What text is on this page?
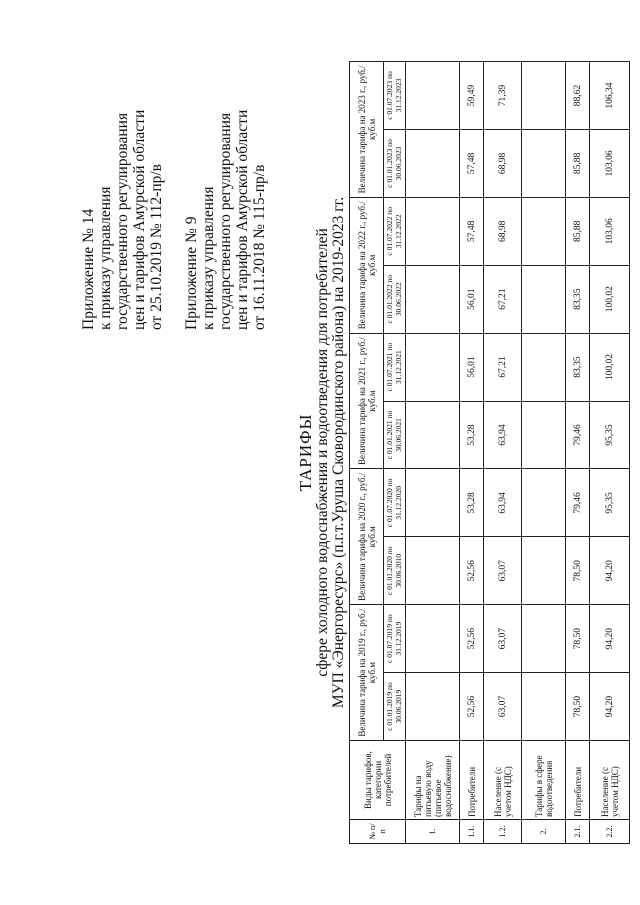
Приложение № 14 к приказу управления государственного регулирования цен и тарифов Амурской области от 25.10.2019 № 112-пр/в Приложение № 9 к приказу управления государственного регулирования цен и тарифов Амурской области от 16.11.2018 № 115-пр/в
ТАРИФЫ сфере холодного водоснабжения и водоотведения для потребителей МУП «Энергоресурс» (п.г.т.Уруша Сковородинского района) на 2019-2023 гг.
№ п/п	Виды тарифов, категории потребителей	Величина тарифа на 2019 г., руб./куб.м		Величина тарифа на 2020 г., руб./куб.м		Величина тарифа на 2021 г., руб./куб.м		Величина тарифа на 2022 г., руб./куб.м		Величина тарифа на 2023 г., руб./куб.м	
		с 01.01.2019 по 30.06.2019	с 01.07.2019 по 31.12.2019	с 01.01.2020 по 30.06.2010	с 01.07.2020 по 31.12.2020	с 01.01.2021 по 30.06.2021	с 01.07.2021 по 31.12.2021	с 01.01.2022 по 30.06.2022	с 01.07.2022 по 31.12.2022	с 01.01.2023 по 30.06.2023	с 01.07.2023 по 31.12.2023
1.	Тарифы на питьевую воду (питьевое водоснабжение)										
1.1.	Потребители	52,56	52,56	52,56	53,28	53,28	56,01	56,01	57,48	57,48	59,49
1.2.	Население (с учетом НДС)	63,07	63,07	63,07	63,94	63,94	67,21	67,21	68,98	68,98	71,39
2.	Тарифы в сфере водоотведения										
2.1.	Потребители	78,50	78,50	78,50	79,46	79,46	83,35	83,35	85,88	85,88	88,62
2.2.	Население (с учетом НДС)	94,20	94,20	94,20	95,35	95,35	100,02	100,02	103,06	103,06	106,34
